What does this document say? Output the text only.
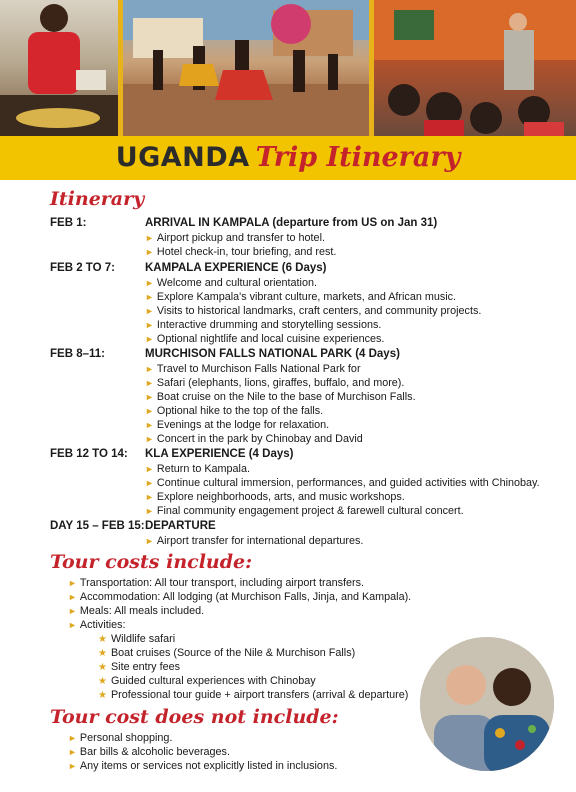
UGANDA Trip Itinerary
Itinerary
FEB 1:	ARRIVAL IN KAMPALA (departure from US on Jan 31)
► Airport pickup and transfer to hotel.
► Hotel check-in, tour briefing, and rest.
FEB 2 TO 7:	KAMPALA EXPERIENCE (6 Days)
► Welcome and cultural orientation.
► Explore Kampala's vibrant culture, markets, and African music.
► Visits to historical landmarks, craft centers, and community projects.
► Interactive drumming and storytelling sessions.
► Optional nightlife and local cuisine experiences.
FEB 8–11:	MURCHISON FALLS NATIONAL PARK (4 Days)
► Travel to Murchison Falls National Park for
► Safari (elephants, lions, giraffes, buffalo, and more).
► Boat cruise on the Nile to the base of Murchison Falls.
► Optional hike to the top of the falls.
► Evenings at the lodge for relaxation.
► Concert in the park by Chinobay and David
FEB 12 TO 14: KLA EXPERIENCE (4 Days)
► Return to Kampala.
► Continue cultural immersion, performances, and guided activities with Chinobay.
► Explore neighborhoods, arts, and music workshops.
► Final community engagement project & farewell cultural concert.
DAY 15 – FEB 15: DEPARTURE
► Airport transfer for international departures.
Tour costs include:
► Transportation: All tour transport, including airport transfers.
► Accommodation: All lodging (at Murchison Falls, Jinja, and Kampala).
► Meals: All meals included.
► Activities:
★ Wildlife safari
★ Boat cruises (Source of the Nile & Murchison Falls)
★ Site entry fees
★ Guided cultural experiences with Chinobay
★ Professional tour guide + airport transfers (arrival & departure)
Tour cost does not include:
► Personal shopping.
► Bar bills & alcoholic beverages.
► Any items or services not explicitly listed in inclusions.
